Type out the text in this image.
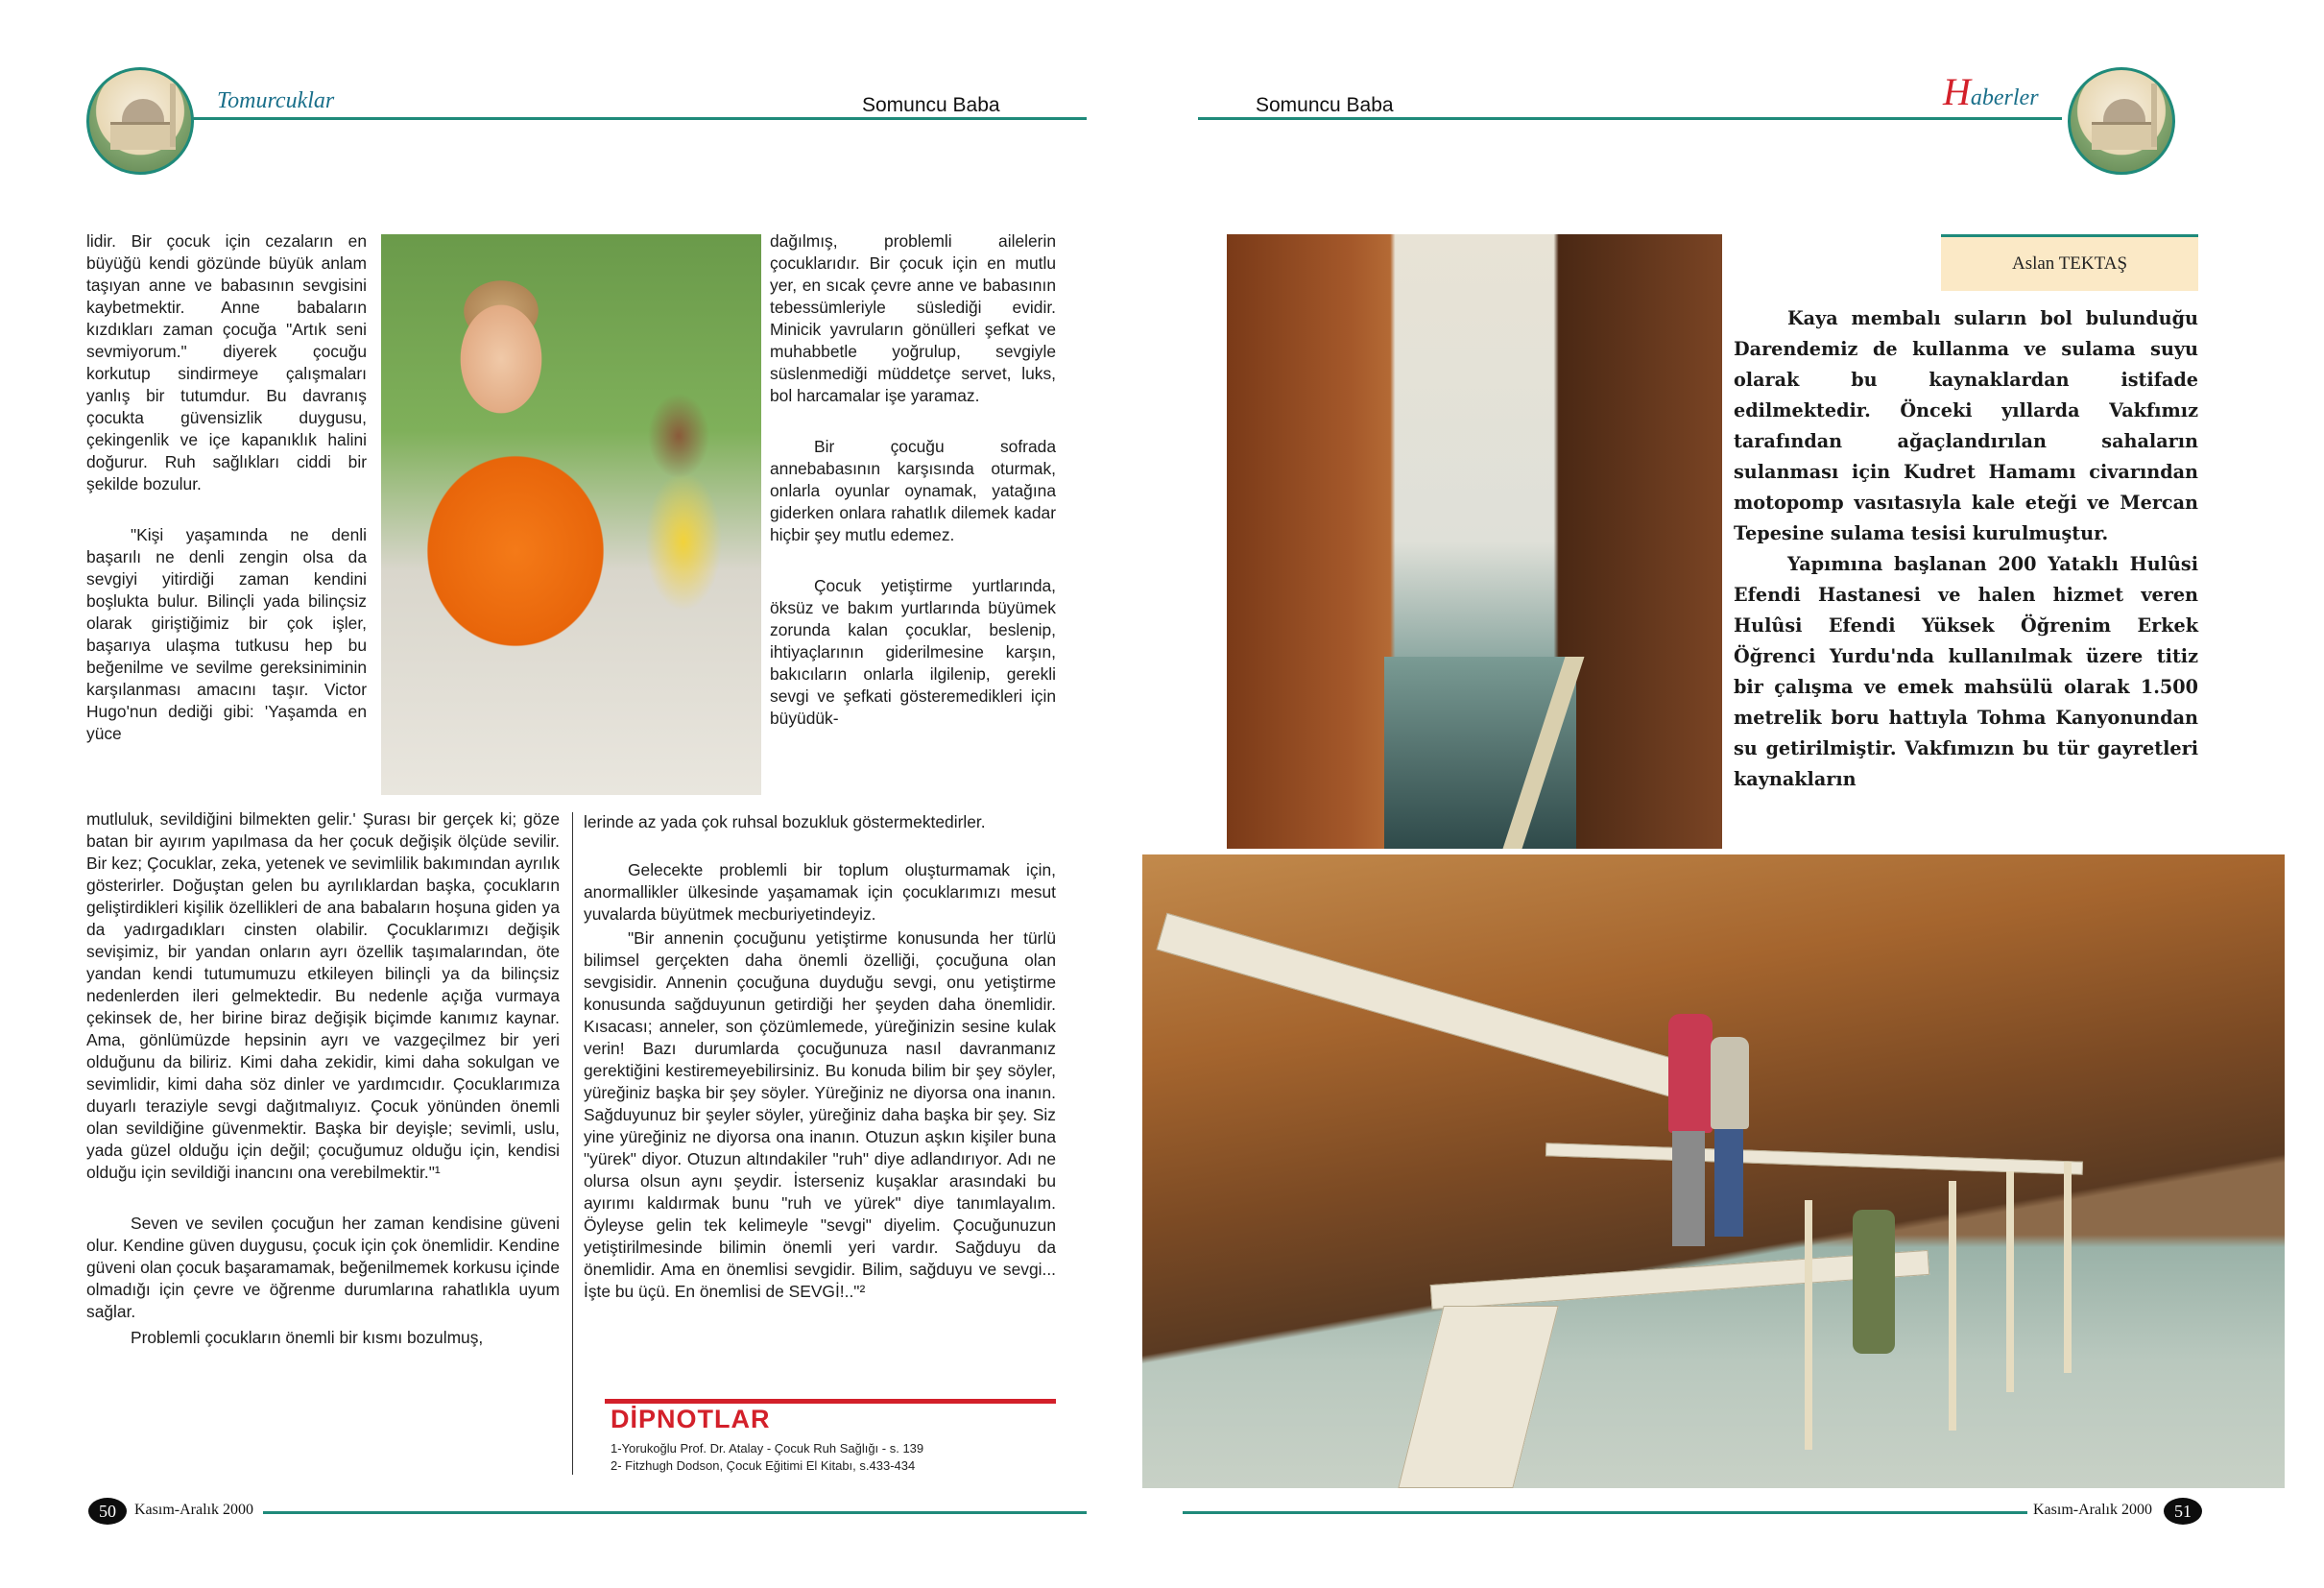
Tomurcuklar	Somuncu Baba

lidir. Bir çocuk için cezaların en büyüğü kendi gözünde büyük anlam taşıyan anne ve babasının sevgisini kaybetmektir. Anne babaların kızdıkları zaman çocuğa "Artık seni sevmiyorum." diyerek çocuğu korkutup sindirmeye çalışmaları yanlış bir tutumdur. Bu davranış çocukta güvensizlik duygusu, çekingenlik ve içe kapanıklık halini doğurur. Ruh sağlıkları ciddi bir şekilde bozulur.

"Kişi yaşamında ne denli başarılı ne denli zengin olsa da sevgiyi yitirdiği zaman kendini boşlukta bulur. Bilinçli yada bilinçsiz olarak giriştiğimiz bir çok işler, başarıya ulaşma tutkusu hep bu beğenilme ve sevilme gereksiniminin karşılanması amacını taşır. Victor Hugo'nun dediği gibi: 'Yaşamda en yüce

mutluluk, sevildiğini bilmekten gelir.' Şurası bir gerçek ki; göze batan bir ayırım yapılmasa da her çocuk değişik ölçüde sevilir. Bir kez; Çocuklar, zeka, yetenek ve sevimlilik bakımından ayrılık gösterirler. Doğuştan gelen bu ayrılıklardan başka, çocukların geliştirdikleri kişilik özellikleri de ana babaların hoşuna giden ya da yadırgadıkları cinsten olabilir. Çocuklarımızı değişik sevişimiz, bir yandan onların ayrı özellik taşımalarından, öte yandan kendi tutumumuzu etkileyen bilinçli ya da bilinçsiz nedenlerden ileri gelmektedir. Bu nedenle açığa vurmaya çekinsek de, her birine biraz değişik biçimde kanımız kaynar. Ama, gönlümüzde hepsinin ayrı ve vazgeçilmez bir yeri olduğunu da biliriz. Kimi daha zekidir, kimi daha sokulgan ve sevimlidir, kimi daha söz dinler ve yardımcıdır. Çocuklarımıza duyarlı teraziyle sevgi dağıtmalıyız. Çocuk yönünden önemli olan sevildiğine güvenmektir. Başka bir deyişle; sevimli, uslu, yada güzel olduğu için değil; çocuğumuz olduğu için, kendisi olduğu için sevildiği inancını ona verebilmektir."¹

Seven ve sevilen çocuğun her zaman kendisine güveni olur. Kendine güven duygusu, çocuk için çok önemlidir. Kendine güveni olan çocuk başaramamak, beğenilmemek korkusu içinde olmadığı için çevre ve öğrenme durumlarına rahatlıkla uyum sağlar.

Problemli çocukların önemli bir kısmı bozulmuş,

dağılmış, problemli ailelerin çocuklarıdır. Bir çocuk için en mutlu yer, en sıcak çevre anne ve babasının tebessümleriyle süslediği evidir. Minicik yavruların gönülleri şefkat ve muhabbetle yoğrulup, sevgiyle süslenmediği müddetçe servet, luks, bol harcamalar işe yaramaz.

Bir çocuğu sofrada annebabasının karşısında oturmak, onlarla oyunlar oynamak, yatağına giderken onlara rahatlık dilemek kadar hiçbir şey mutlu edemez.

Çocuk yetiştirme yurtlarında, öksüz ve bakım yurtlarında büyümek zorunda kalan çocuklar, beslenip, ihtiyaçlarının giderilmesine karşın, bakıcıların onlarla ilgilenip, gerekli sevgi ve şefkati gösteremedikleri için büyüdük-

lerinde az yada çok ruhsal bozukluk göstermektedirler.

Gelecekte problemli bir toplum oluşturmamak için, anormallikler ülkesinde yaşamamak için çocuklarımızı mesut yuvalarda büyütmek mecburiyetindeyiz.

"Bir annenin çocuğunu yetiştirme konusunda her türlü bilimsel gerçekten daha önemli özelliği, çocuğuna olan sevgisidir. Annenin çocuğuna duyduğu sevgi, onu yetiştirme konusunda sağduyunun getirdiği her şeyden daha önemlidir. Kısacası; anneler, son çözümlemede, yüreğinizin sesine kulak verin! Bazı durumlarda çocuğunuza nasıl davranmanız gerektiğini kestiremeyebilirsiniz. Bu konuda bilim bir şey söyler, yüreğiniz başka bir şey söyler. Yüreğiniz ne diyorsa ona inanın. Sağduyunuz bir şeyler söyler, yüreğiniz daha başka bir şey. Siz yine yüreğiniz ne diyorsa ona inanın. Otuzun aşkın kişiler buna "yürek" diyor. Otuzun altındakiler "ruh" diye adlandırıyor. Adı ne olursa olsun aynı şeydir. İsterseniz kuşaklar arasındaki bu ayırımı kaldırmak bunu "ruh ve yürek" diye tanımlayalım. Öyleyse gelin tek kelimeyle "sevgi" diyelim. Çocuğunuzun yetiştirilmesinde bilimin önemli yeri vardır. Sağduyu da önemlidir. Ama en önemlisi sevgidir. Bilim, sağduyu ve sevgi... İşte bu üçü. En önemlisi de SEVGİ!.."²

DİPNOTLAR
1-Yorukoğlu Prof. Dr. Atalay - Çocuk Ruh Sağlığı - s. 139
2- Fitzhugh Dodson, Çocuk Eğitimi El Kitabı, s.433-434
50	Kasım-Aralık 2000
Somuncu Baba	Haberler
Aslan TEKTAŞ

Kaya membalı suların bol bulunduğu Darendemiz de kullanma ve sulama suyu olarak bu kaynaklardan istifade edilmektedir. Önceki yıllarda Vakfımız tarafından ağaçlandırılan sahaların sulanması için Kudret Hamamı civarından motopomp vasıtasıyla kale eteği ve Mercan Tepesine sulama tesisi kurulmuştur.

Yapımına başlanan 200 Yataklı Hulûsi Efendi Hastanesi ve halen hizmet veren Hulûsi Efendi Yüksek Öğrenim Erkek Öğrenci Yurdu'nda kullanılmak üzere titiz bir çalışma ve emek mahsülü olarak 1.500 metrelik boru hattıyla Tohma Kanyonundan su getirilmiştir. Vakfımızın bu tür gayretleri kaynakların

Kasım-Aralık 2000	51
